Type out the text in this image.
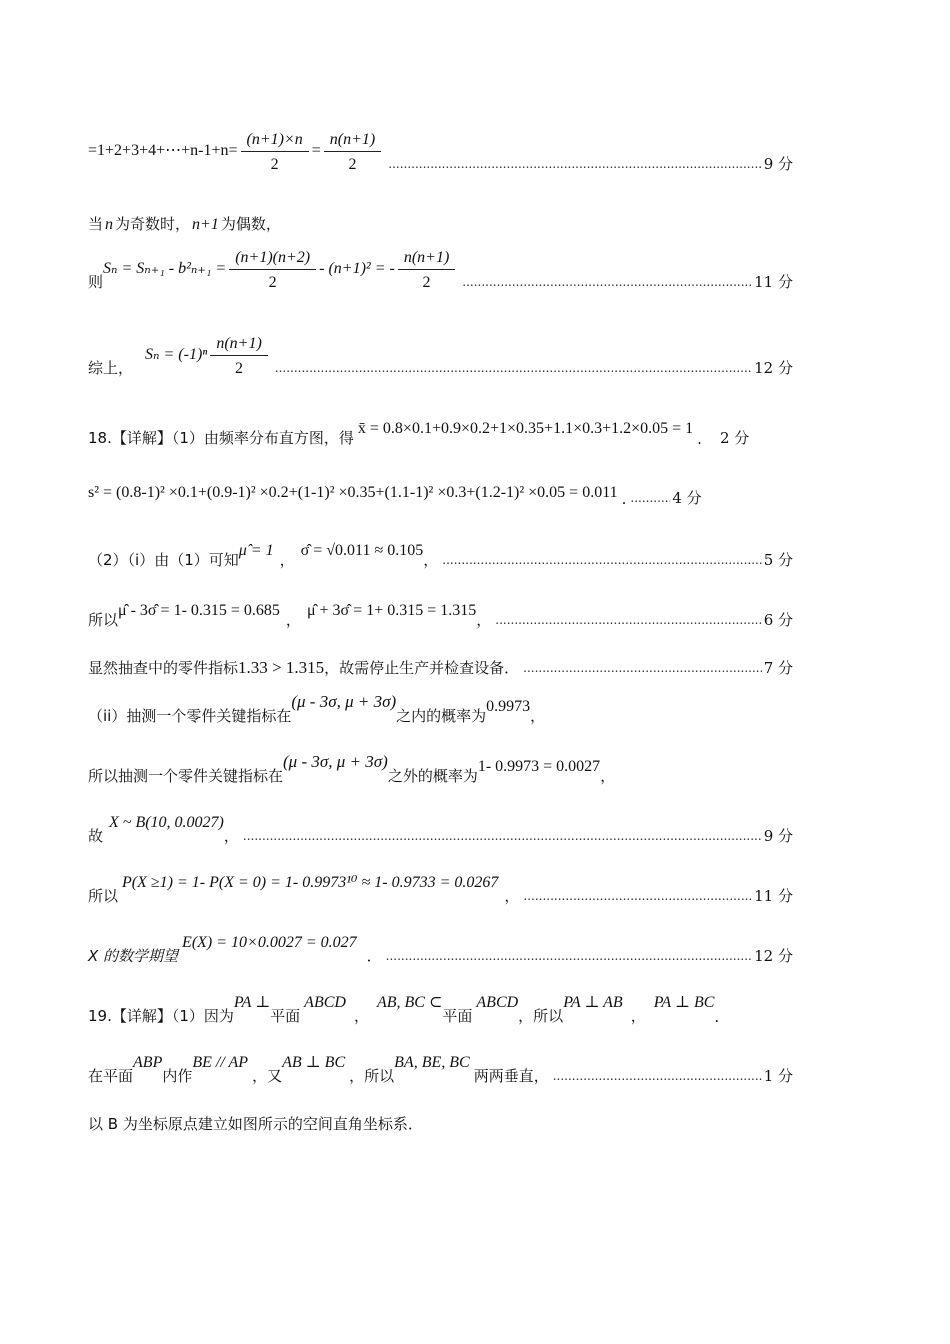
=1+2+3+4+⋯+n-1+n= $\frac{(n+1)\times n}{2} = \frac{n(n+1)}{2}$ .....	9 分
当 n 为奇数时， n+1 为偶数，
则
$S_n = S_{n+1} - b^2_{n+1} = \frac{(n+1)(n+2)}{2} - (n+1)^2$ = - $\frac{n(n+1)}{2}$ .....	11 分
综上，
$S_n = (-1)^n \frac{n(n+1)}{2}$ .....	12 分
18.【详解】（1）由频率分布直方图，得
x̄ = 0.8×0.1+0.9×0.2+1×0.35+1.1×0.3+1.2×0.05 = 1
. 2 分
s² = (0.8-1)² ×0.1+(0.9-1)² ×0.2+(1-1)² ×0.35+(1.1-1)² ×0.3+(1.2-1)² ×0.05 = 0.011 . .....	4 分
（2）（i）由（1）可知
μ̂ = 1
，
σ̂ = √0.011 ≈ 0.105
， .....	5 分
所以
μ̂ - 3σ̂ = 1- 0.315 = 0.685
，
μ̂ + 3σ̂ = 1+ 0.315 = 1.315
， .....	6 分
显然抽查中的零件指标 1.33 > 1.315 ，故需停止生产并检查设备． .....	7 分
（ii）抽测一个零件关键指标在
(μ - 3σ, μ + 3σ)
之内的概率为
0.9973
，
所以抽测一个零件关键指标在
(μ - 3σ, μ + 3σ)
之外的概率为
1- 0.9973 = 0.0027
，
故
X ~ B(10, 0.0027)
， .....	9 分
所以
P(X ≥1) = 1- P(X = 0) = 1- 0.9973¹⁰ ≈ 1- 0.9733 = 0.0267
， .....	11 分
X 的数学期望
E(X) = 10×0.0027 = 0.027
． .....	12 分
19.【详解】（1）因为
PA ⊥
平面
ABCD
，
AB, BC ⊂
平面
ABCD
，所以
PA ⊥ AB
，
PA ⊥ BC
.
在平面
ABP
内作
BE // AP
，又
AB ⊥ BC
，所以
BA, BE, BC
两两垂直， .....	1 分
以 B 为坐标原点建立如图所示的空间直角坐标系．
